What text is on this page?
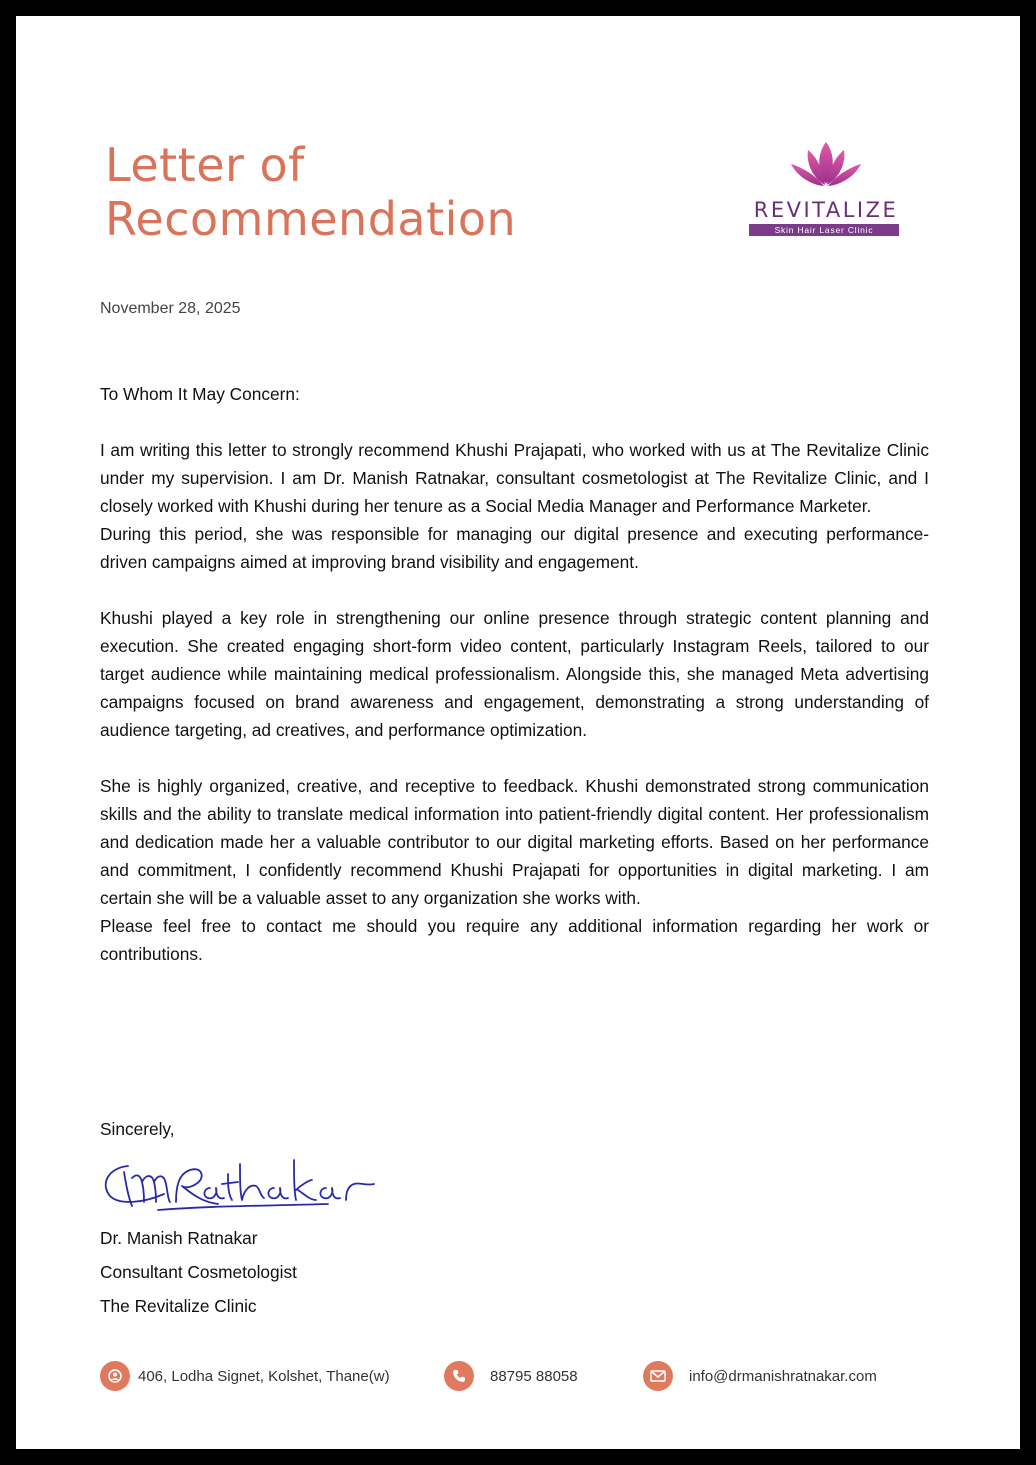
Letter of
Recommendation	REVITALIZE
Skin Hair Laser Clinic
November 28, 2025

To Whom It May Concern:

I am writing this letter to strongly recommend Khushi Prajapati, who worked with us at The Revitalize Clinic under my supervision. I am Dr. Manish Ratnakar, consultant cosmetologist at The Revitalize Clinic, and I closely worked with Khushi during her tenure as a Social Media Manager and Performance Marketer.

During this period, she was responsible for managing our digital presence and executing performance-driven campaigns aimed at improving brand visibility and engagement.

Khushi played a key role in strengthening our online presence through strategic content planning and execution. She created engaging short-form video content, particularly Instagram Reels, tailored to our target audience while maintaining medical professionalism. Alongside this, she managed Meta advertising campaigns focused on brand awareness and engagement, demonstrating a strong understanding of audience targeting, ad creatives, and performance optimization.

She is highly organized, creative, and receptive to feedback. Khushi demonstrated strong communication skills and the ability to translate medical information into patient-friendly digital content. Her professionalism and dedication made her a valuable contributor to our digital marketing efforts. Based on her performance and commitment, I confidently recommend Khushi Prajapati for opportunities in digital marketing. I am certain she will be a valuable asset to any organization she works with.

Please feel free to contact me should you require any additional information regarding her work or contributions.

Sincerely,
Dr. Manish Ratnakar
Consultant Cosmetologist
The Revitalize Clinic
406, Lodha Signet, Kolshet, Thane(w)	88795 88058	info@drmanishratnakar.com
